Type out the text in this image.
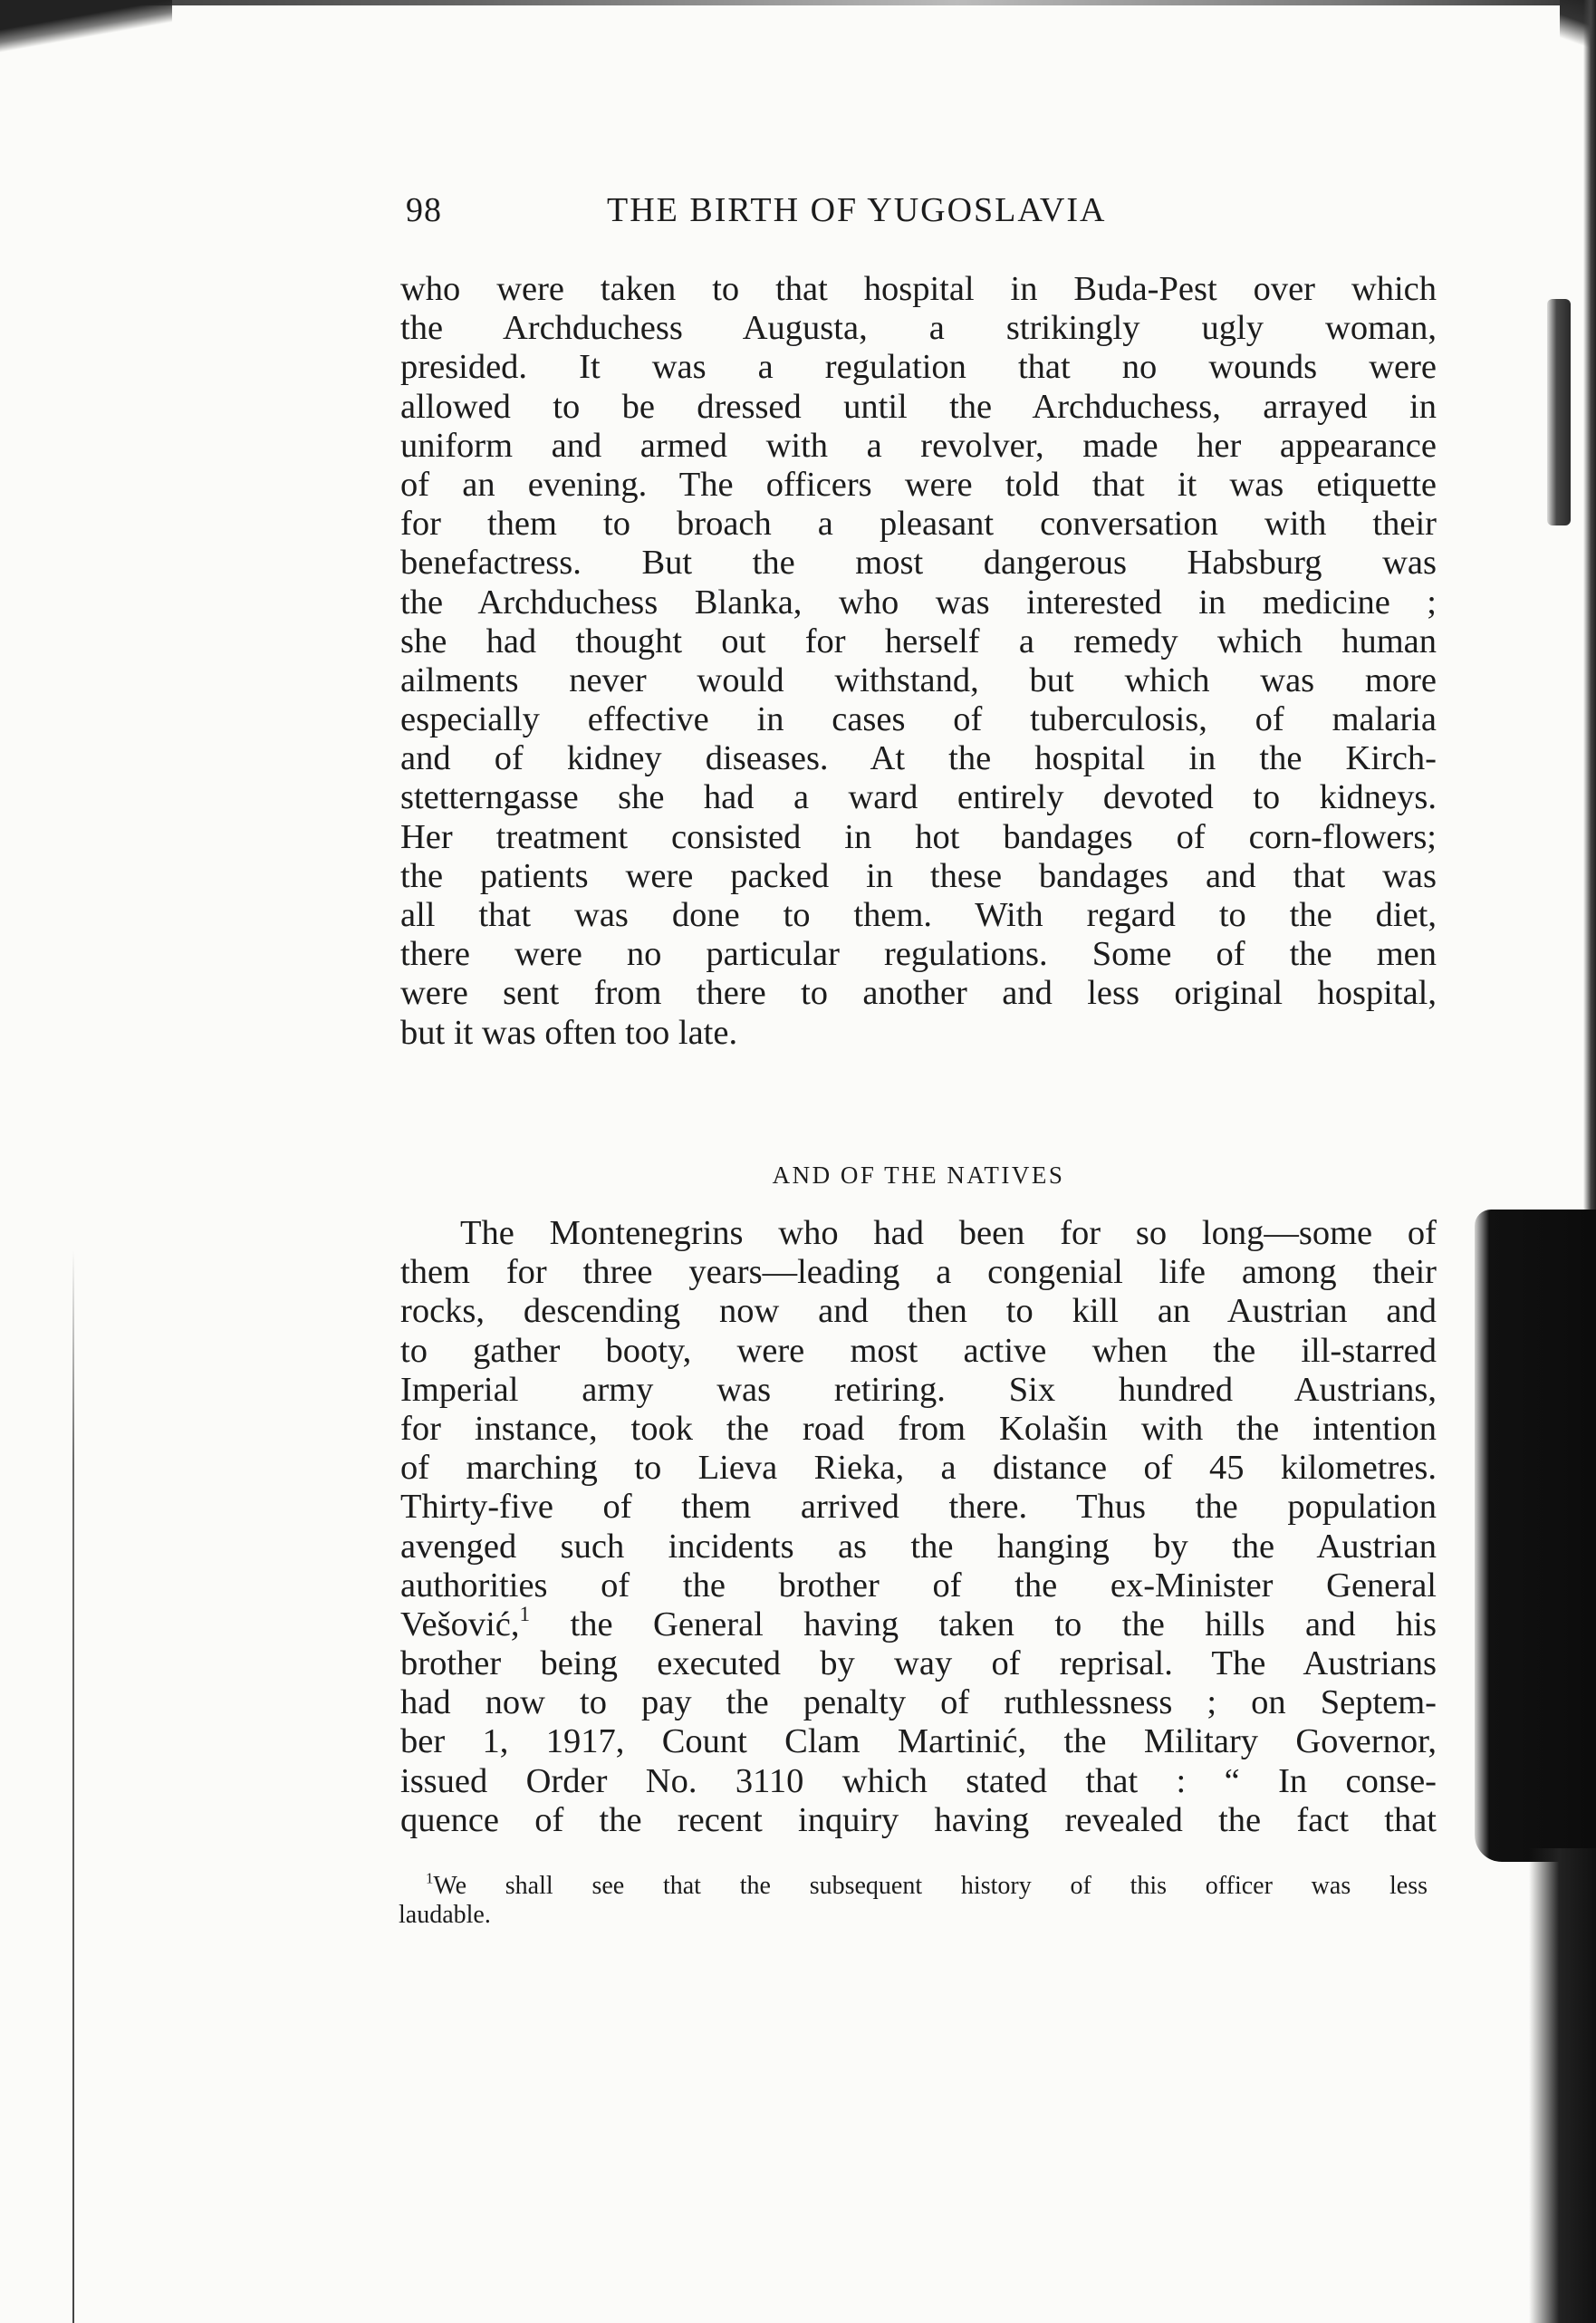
98	THE BIRTH OF YUGOSLAVIA
who were taken to that hospital in Buda-Pest over which
the Archduchess Augusta, a strikingly ugly woman,
presided. It was a regulation that no wounds were
allowed to be dressed until the Archduchess, arrayed in
uniform and armed with a revolver, made her appearance
of an evening. The officers were told that it was etiquette
for them to broach a pleasant conversation with their
benefactress. But the most dangerous Habsburg was
the Archduchess Blanka, who was interested in medicine ;
she had thought out for herself a remedy which human
ailments never would withstand, but which was more
especially effective in cases of tuberculosis, of malaria
and of kidney diseases. At the hospital in the Kirch-
stetterngasse she had a ward entirely devoted to kidneys.
Her treatment consisted in hot bandages of corn-flowers;
the patients were packed in these bandages and that was
all that was done to them. With regard to the diet,
there were no particular regulations. Some of the men
were sent from there to another and less original hospital,
but it was often too late.
AND OF THE NATIVES
The Montenegrins who had been for so long—some of
them for three years—leading a congenial life among their
rocks, descending now and then to kill an Austrian and
to gather booty, were most active when the ill-starred
Imperial army was retiring. Six hundred Austrians,
for instance, took the road from Kolašin with the intention
of marching to Lieva Rieka, a distance of 45 kilometres.
Thirty-five of them arrived there. Thus the population
avenged such incidents as the hanging by the Austrian
authorities of the brother of the ex-Minister General
Vešović,$^1$ the General having taken to the hills and his
brother being executed by way of reprisal. The Austrians
had now to pay the penalty of ruthlessness ; on Septem-
ber 1, 1917, Count Clam Martinić, the Military Governor,
issued Order No. 3110 which stated that : “ In conse-
quence of the recent inquiry having revealed the fact that
$^1$We shall see that the subsequent history of this officer was less
laudable.
